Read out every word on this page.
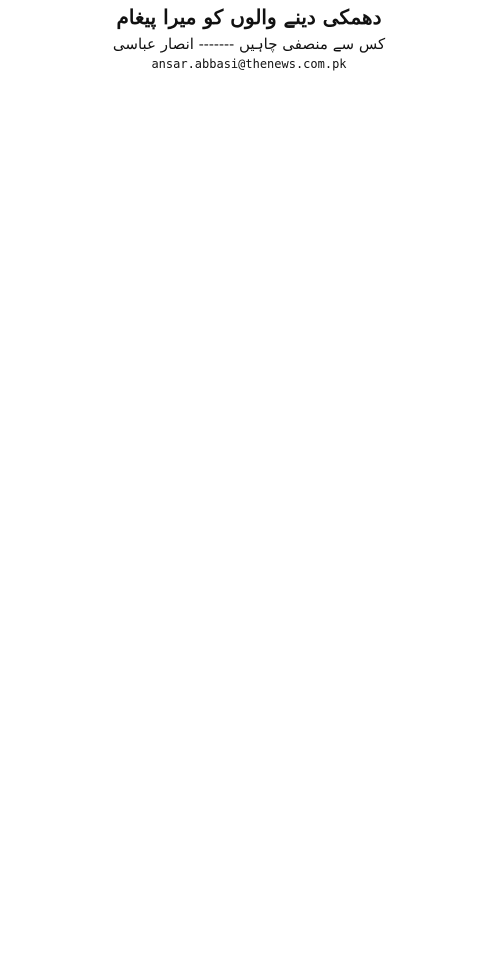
دھمکی دینے والوں کو میرا پیغام
کس سے منصفی چاہیں ------- انصار عباسی
ansar.abbasi@thenews.com.pk
